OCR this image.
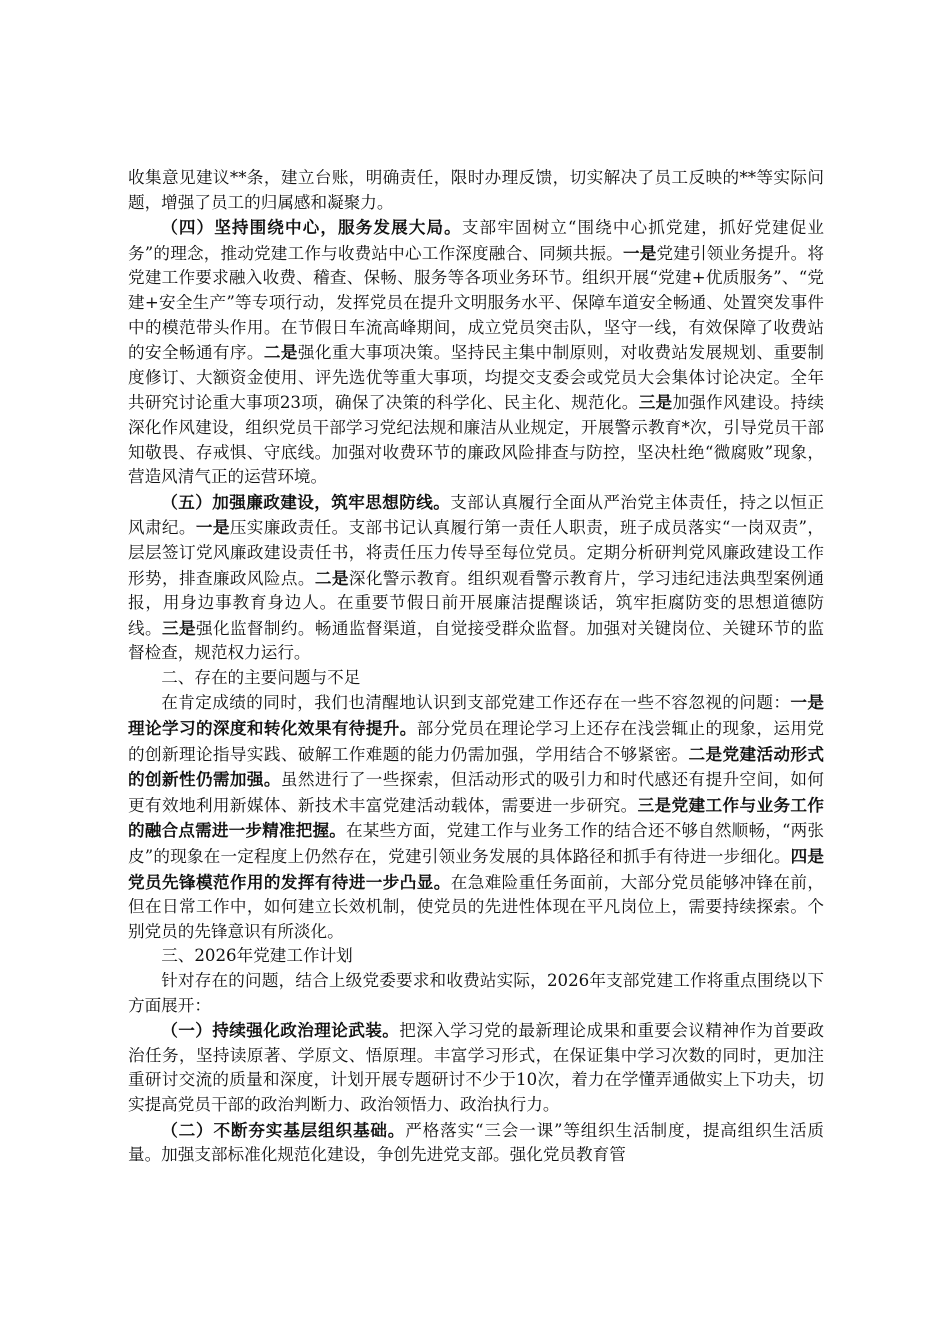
收集意见建议**条，建立台账，明确责任，限时办理反馈，切实解决了员工反映的**等实际问题，增强了员工的归属感和凝聚力。

（四）坚持围绕中心，服务发展大局。支部牢固树立“围绕中心抓党建，抓好党建促业务”的理念，推动党建工作与收费站中心工作深度融合、同频共振。一是党建引领业务提升。将党建工作要求融入收费、稽查、保畅、服务等各项业务环节。组织开展“党建+优质服务”、“党建+安全生产”等专项行动，发挥党员在提升文明服务水平、保障车道安全畅通、处置突发事件中的模范带头作用。在节假日车流高峰期间，成立党员突击队，坚守一线，有效保障了收费站的安全畅通有序。二是强化重大事项决策。坚持民主集中制原则，对收费站发展规划、重要制度修订、大额资金使用、评先选优等重大事项，均提交支委会或党员大会集体讨论决定。全年共研究讨论重大事项23项，确保了决策的科学化、民主化、规范化。三是加强作风建设。持续深化作风建设，组织党员干部学习党纪法规和廉洁从业规定，开展警示教育*次，引导党员干部知敬畏、存戒惧、守底线。加强对收费环节的廉政风险排查与防控，坚决杜绝“微腐败”现象，营造风清气正的运营环境。

（五）加强廉政建设，筑牢思想防线。支部认真履行全面从严治党主体责任，持之以恒正风肃纪。一是压实廉政责任。支部书记认真履行第一责任人职责，班子成员落实“一岗双责”，层层签订党风廉政建设责任书，将责任压力传导至每位党员。定期分析研判党风廉政建设工作形势，排查廉政风险点。二是深化警示教育。组织观看警示教育片，学习违纪违法典型案例通报，用身边事教育身边人。在重要节假日前开展廉洁提醒谈话，筑牢拒腐防变的思想道德防线。三是强化监督制约。畅通监督渠道，自觉接受群众监督。加强对关键岗位、关键环节的监督检查，规范权力运行。

二、存在的主要问题与不足

在肯定成绩的同时，我们也清醒地认识到支部党建工作还存在一些不容忽视的问题：一是理论学习的深度和转化效果有待提升。部分党员在理论学习上还存在浅尝辄止的现象，运用党的创新理论指导实践、破解工作难题的能力仍需加强，学用结合不够紧密。二是党建活动形式的创新性仍需加强。虽然进行了一些探索，但活动形式的吸引力和时代感还有提升空间，如何更有效地利用新媒体、新技术丰富党建活动载体，需要进一步研究。三是党建工作与业务工作的融合点需进一步精准把握。在某些方面，党建工作与业务工作的结合还不够自然顺畅，“两张皮”的现象在一定程度上仍然存在，党建引领业务发展的具体路径和抓手有待进一步细化。四是党员先锋模范作用的发挥有待进一步凸显。在急难险重任务面前，大部分党员能够冲锋在前，但在日常工作中，如何建立长效机制，使党员的先进性体现在平凡岗位上，需要持续探索。个别党员的先锋意识有所淡化。

三、2026年党建工作计划

针对存在的问题，结合上级党委要求和收费站实际，2026年支部党建工作将重点围绕以下方面展开：

（一）持续强化政治理论武装。把深入学习党的最新理论成果和重要会议精神作为首要政治任务，坚持读原著、学原文、悟原理。丰富学习形式，在保证集中学习次数的同时，更加注重研讨交流的质量和深度，计划开展专题研讨不少于10次，着力在学懂弄通做实上下功夫，切实提高党员干部的政治判断力、政治领悟力、政治执行力。

（二）不断夯实基层组织基础。严格落实“三会一课”等组织生活制度，提高组织生活质量。加强支部标准化规范化建设，争创先进党支部。强化党员教育管
